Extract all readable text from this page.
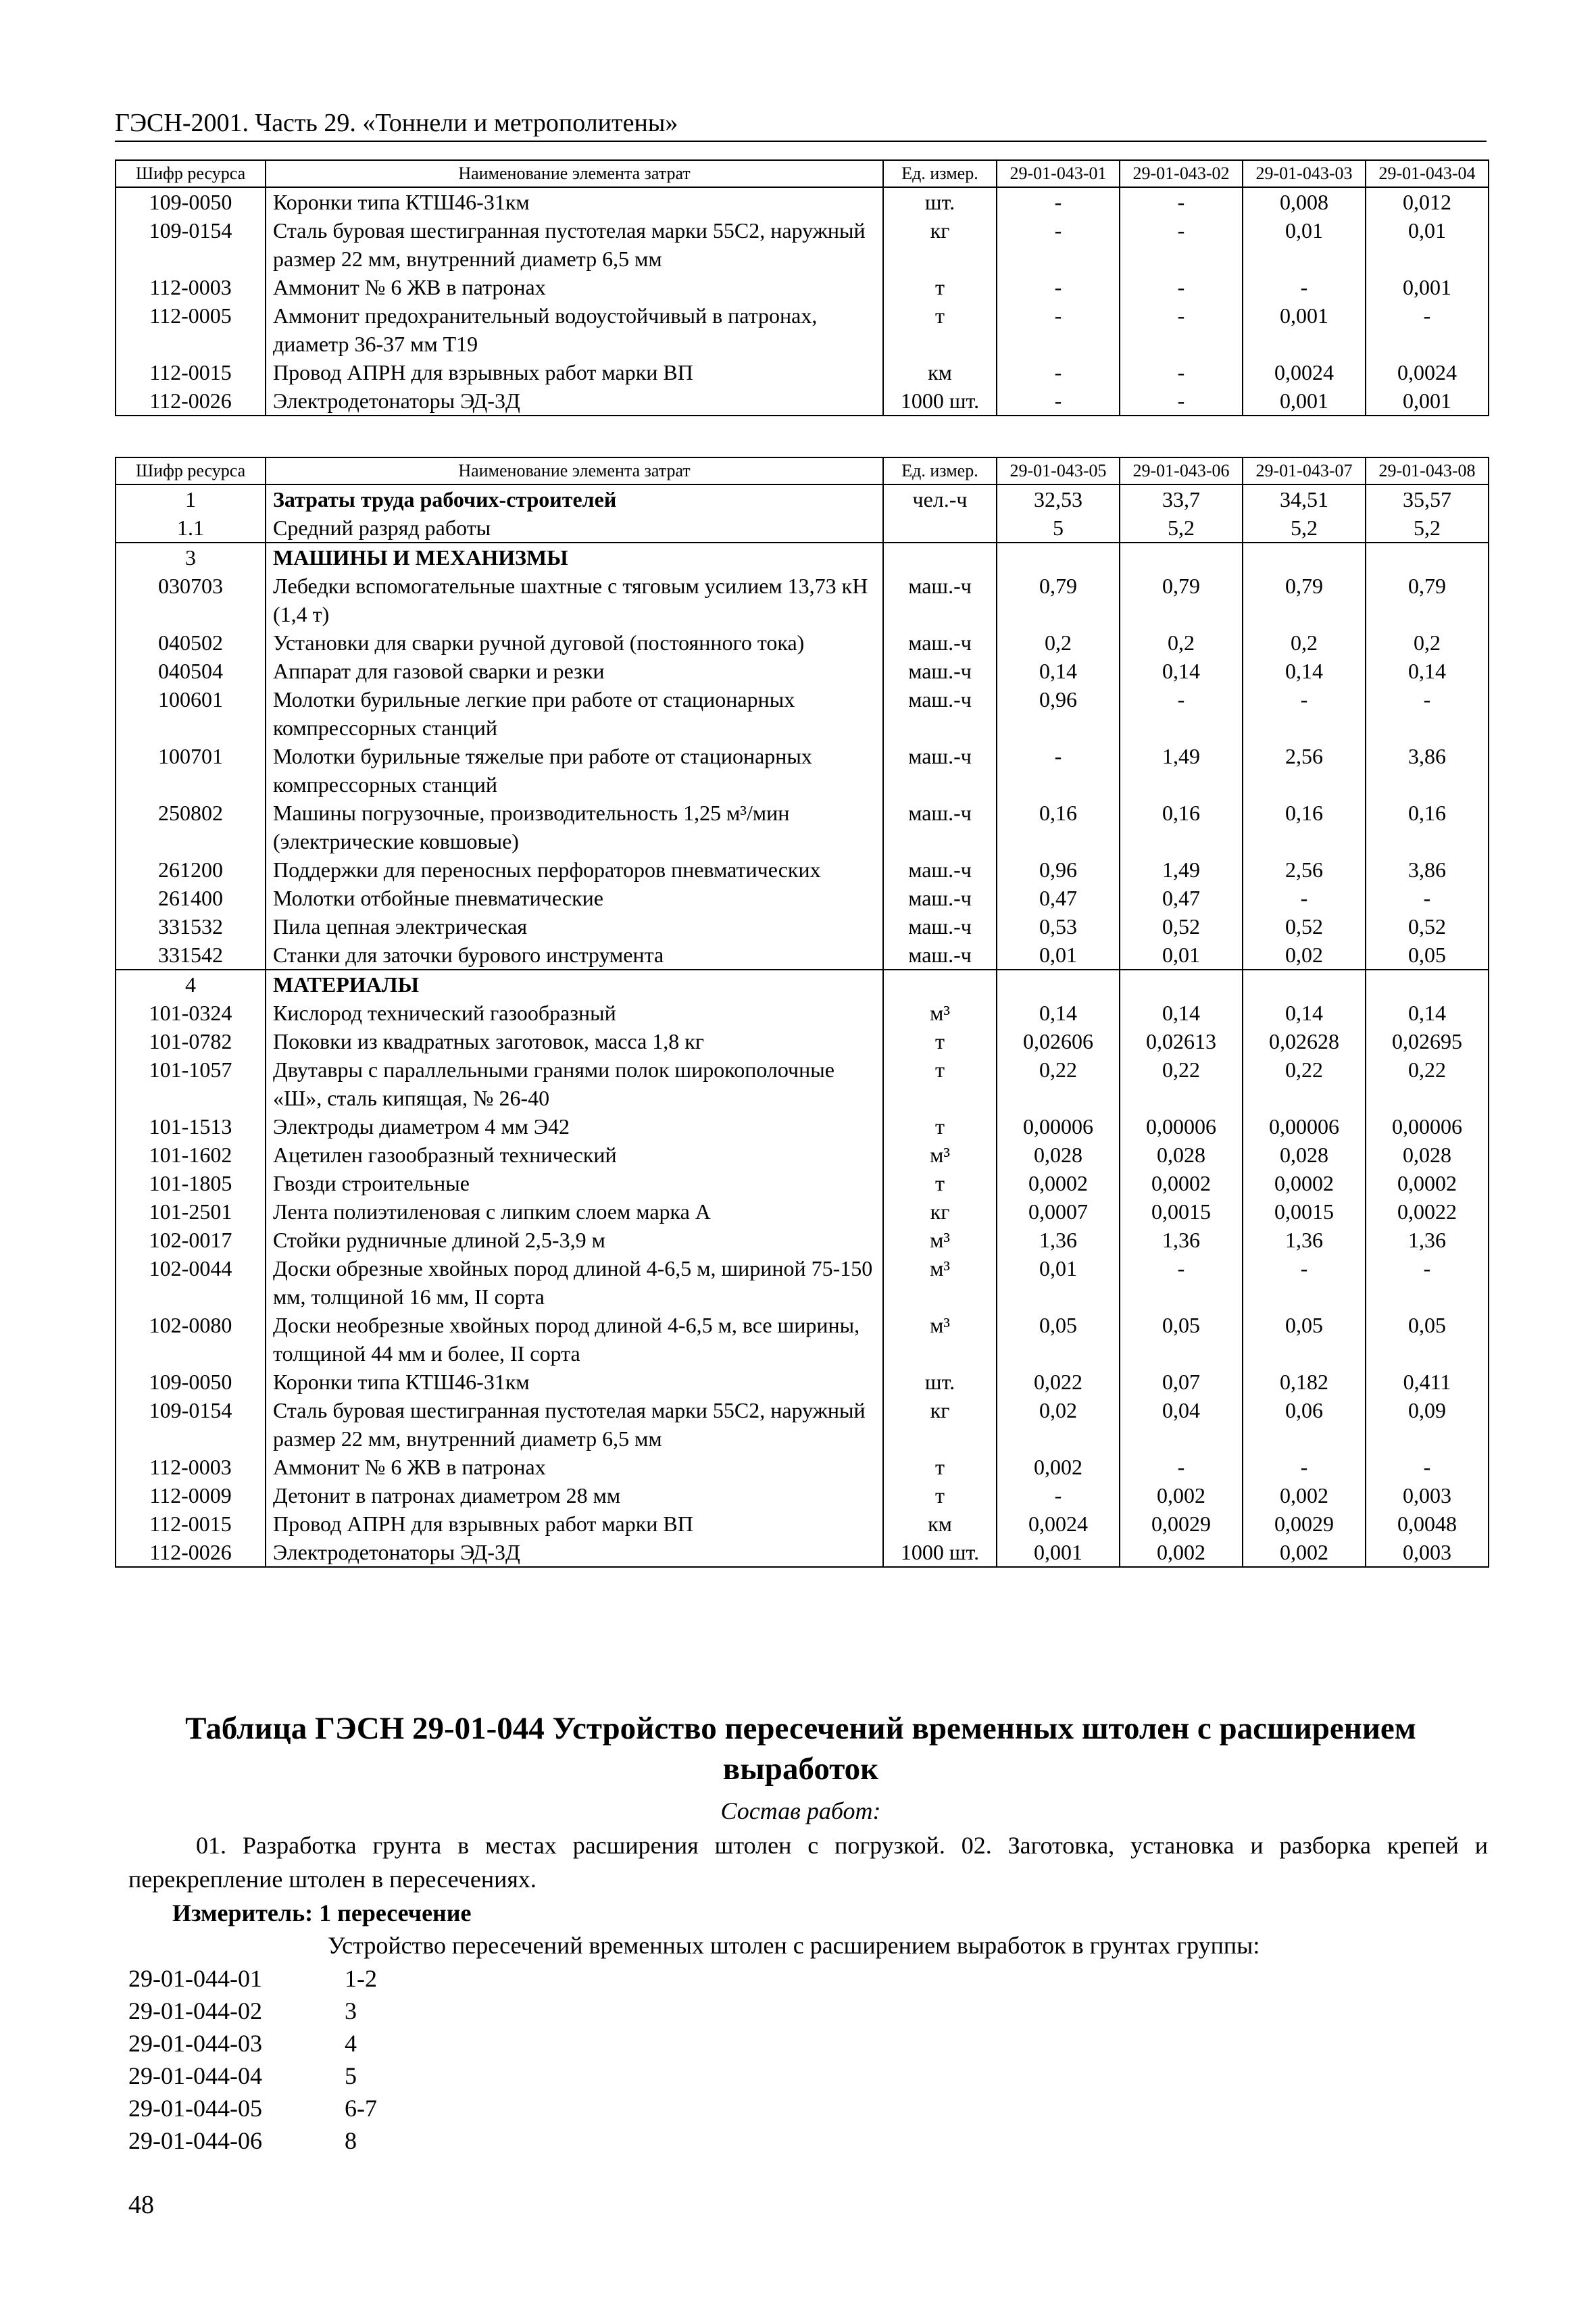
ГЭСН-2001. Часть 29. «Тоннели и метрополитены»
Шифр ресурса	Наименование элемента затрат	Ед. измер.	29-01-043-01	29-01-043-02	29-01-043-03	29-01-043-04
109-0050	Коронки типа КТШ46-31км	шт.	-	-	0,008	0,012
109-0154	Сталь буровая шестигранная пустотелая марки 55С2, наружный размер 22 мм, внутренний диаметр 6,5 мм	кг	-	-	0,01	0,01
112-0003	Аммонит № 6 ЖВ в патронах	т	-	-	-	0,001
112-0005	Аммонит предохранительный водоустойчивый в патронах, диаметр 36-37 мм Т19	т	-	-	0,001	-
112-0015	Провод АПРН для взрывных работ марки ВП	км	-	-	0,0024	0,0024
112-0026	Электродетонаторы ЭД-3Д	1000 шт.	-	-	0,001	0,001
Шифр ресурса	Наименование элемента затрат	Ед. измер.	29-01-043-05	29-01-043-06	29-01-043-07	29-01-043-08
1	Затраты труда рабочих-строителей	чел.-ч	32,53	33,7	34,51	35,57
1.1	Средний разряд работы		5	5,2	5,2	5,2
3	МАШИНЫ И МЕХАНИЗМЫ					
030703	Лебедки вспомогательные шахтные с тяговым усилием 13,73 кН (1,4 т)	маш.-ч	0,79	0,79	0,79	0,79
040502	Установки для сварки ручной дуговой (постоянного тока)	маш.-ч	0,2	0,2	0,2	0,2
040504	Аппарат для газовой сварки и резки	маш.-ч	0,14	0,14	0,14	0,14
100601	Молотки бурильные легкие при работе от стационарных компрессорных станций	маш.-ч	0,96	-	-	-
100701	Молотки бурильные тяжелые при работе от стационарных компрессорных станций	маш.-ч	-	1,49	2,56	3,86
250802	Машины погрузочные, производительность 1,25 м³/мин (электрические ковшовые)	маш.-ч	0,16	0,16	0,16	0,16
261200	Поддержки для переносных перфораторов пневматических	маш.-ч	0,96	1,49	2,56	3,86
261400	Молотки отбойные пневматические	маш.-ч	0,47	0,47	-	-
331532	Пила цепная электрическая	маш.-ч	0,53	0,52	0,52	0,52
331542	Станки для заточки бурового инструмента	маш.-ч	0,01	0,01	0,02	0,05
4	МАТЕРИАЛЫ					
101-0324	Кислород технический газообразный	м³	0,14	0,14	0,14	0,14
101-0782	Поковки из квадратных заготовок, масса 1,8 кг	т	0,02606	0,02613	0,02628	0,02695
101-1057	Двутавры с параллельными гранями полок широкополочные «Ш», сталь кипящая, № 26-40	т	0,22	0,22	0,22	0,22
101-1513	Электроды диаметром 4 мм Э42	т	0,00006	0,00006	0,00006	0,00006
101-1602	Ацетилен газообразный технический	м³	0,028	0,028	0,028	0,028
101-1805	Гвозди строительные	т	0,0002	0,0002	0,0002	0,0002
101-2501	Лента полиэтиленовая с липким слоем марка А	кг	0,0007	0,0015	0,0015	0,0022
102-0017	Стойки рудничные длиной 2,5-3,9 м	м³	1,36	1,36	1,36	1,36
102-0044	Доски обрезные хвойных пород длиной 4-6,5 м, шириной 75-150 мм, толщиной 16 мм, II сорта	м³	0,01	-	-	-
102-0080	Доски необрезные хвойных пород длиной 4-6,5 м, все ширины, толщиной 44 мм и более, II сорта	м³	0,05	0,05	0,05	0,05
109-0050	Коронки типа КТШ46-31км	шт.	0,022	0,07	0,182	0,411
109-0154	Сталь буровая шестигранная пустотелая марки 55С2, наружный размер 22 мм, внутренний диаметр 6,5 мм	кг	0,02	0,04	0,06	0,09
112-0003	Аммонит № 6 ЖВ в патронах	т	0,002	-	-	-
112-0009	Детонит в патронах диаметром 28 мм	т	-	0,002	0,002	0,003
112-0015	Провод АПРН для взрывных работ марки ВП	км	0,0024	0,0029	0,0029	0,0048
112-0026	Электродетонаторы ЭД-3Д	1000 шт.	0,001	0,002	0,002	0,003
Таблица ГЭСН 29-01-044 Устройство пересечений временных штолен с расширением выработок
Состав работ:
01. Разработка грунта в местах расширения штолен с погрузкой. 02. Заготовка, установка и разборка крепей и перекрепление штолен в пересечениях.
Измеритель: 1 пересечение
Устройство пересечений временных штолен с расширением выработок в грунтах группы:
29-01-044-01	1-2
29-01-044-02	3
29-01-044-03	4
29-01-044-04	5
29-01-044-05	6-7
29-01-044-06	8
48
